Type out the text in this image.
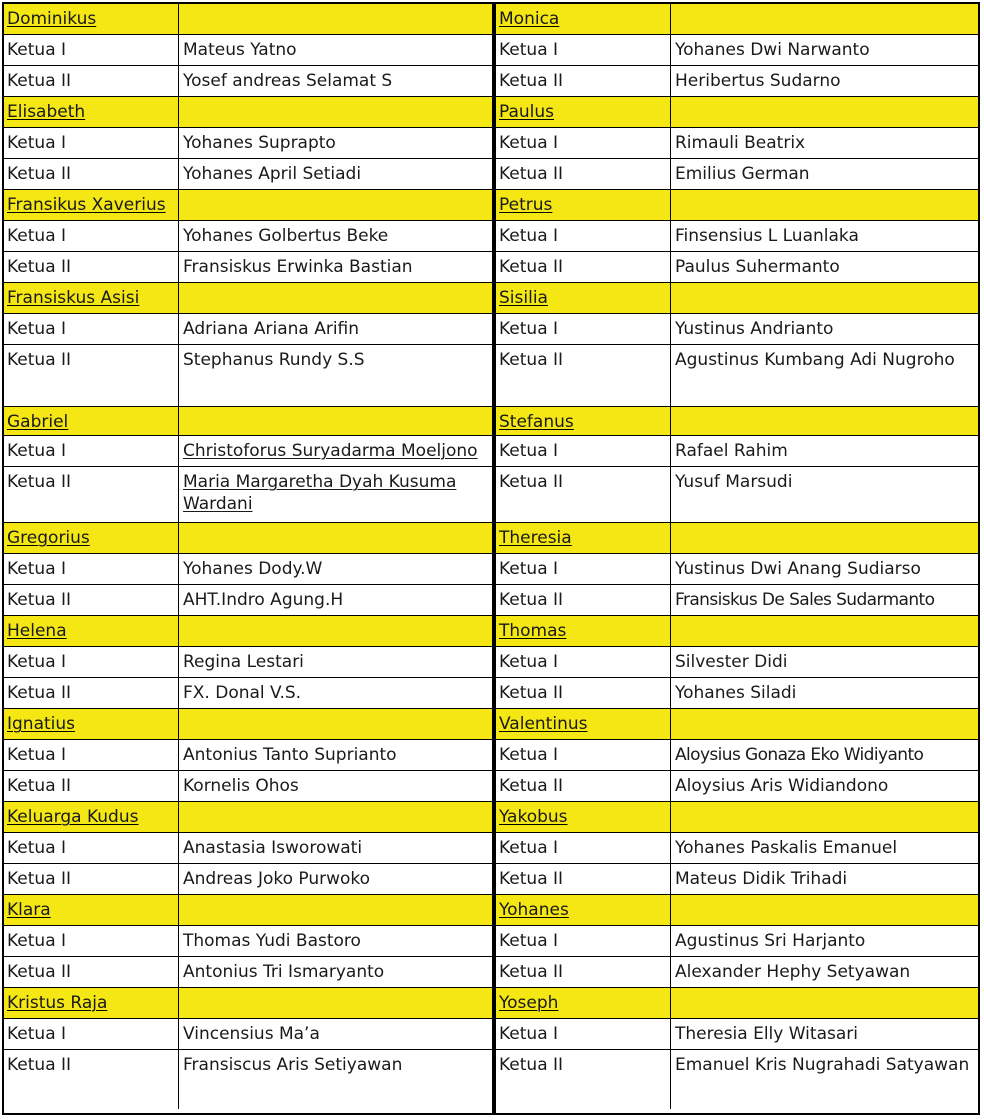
Dominikus
Ketua I	Mateus Yatno
Ketua II	Yosef andreas Selamat S
Elisabeth
Ketua I	Yohanes Suprapto
Ketua II	Yohanes April Setiadi
Fransikus Xaverius
Ketua I	Yohanes Golbertus Beke
Ketua II	Fransiskus Erwinka Bastian
Fransiskus Asisi
Ketua I	Adriana Ariana Arifin
Ketua II	Stephanus Rundy S.S
Gabriel
Ketua I	Christoforus Suryadarma Moeljono
Ketua II	Maria Margaretha Dyah Kusuma Wardani
Gregorius
Ketua I	Yohanes Dody.W
Ketua II	AHT.Indro Agung.H
Helena
Ketua I	Regina Lestari
Ketua II	FX. Donal V.S.
Ignatius
Ketua I	Antonius Tanto Suprianto
Ketua II	Kornelis Ohos
Keluarga Kudus
Ketua I	Anastasia Isworowati
Ketua II	Andreas Joko Purwoko
Klara
Ketua I	Thomas Yudi Bastoro
Ketua II	Antonius Tri Ismaryanto
Kristus Raja
Ketua I	Vincensius Ma’a
Ketua II	Fransiscus Aris Setiyawan
Monica
Ketua I	Yohanes Dwi Narwanto
Ketua II	Heribertus Sudarno
Paulus
Ketua I	Rimauli Beatrix
Ketua II	Emilius German
Petrus
Ketua I	Finsensius L Luanlaka
Ketua II	Paulus Suhermanto
Sisilia
Ketua I	Yustinus Andrianto
Ketua II	Agustinus Kumbang Adi Nugroho
Stefanus
Ketua I	Rafael Rahim
Ketua II	Yusuf Marsudi
Theresia
Ketua I	Yustinus Dwi Anang Sudiarso
Ketua II	Fransiskus De Sales Sudarmanto
Thomas
Ketua I	Silvester Didi
Ketua II	Yohanes Siladi
Valentinus
Ketua I	Aloysius Gonaza Eko Widiyanto
Ketua II	Aloysius Aris Widiandono
Yakobus
Ketua I	Yohanes Paskalis Emanuel
Ketua II	Mateus Didik Trihadi
Yohanes
Ketua I	Agustinus Sri Harjanto
Ketua II	Alexander Hephy Setyawan
Yoseph
Ketua I	Theresia Elly Witasari
Ketua II	Emanuel Kris Nugrahadi Satyawan
